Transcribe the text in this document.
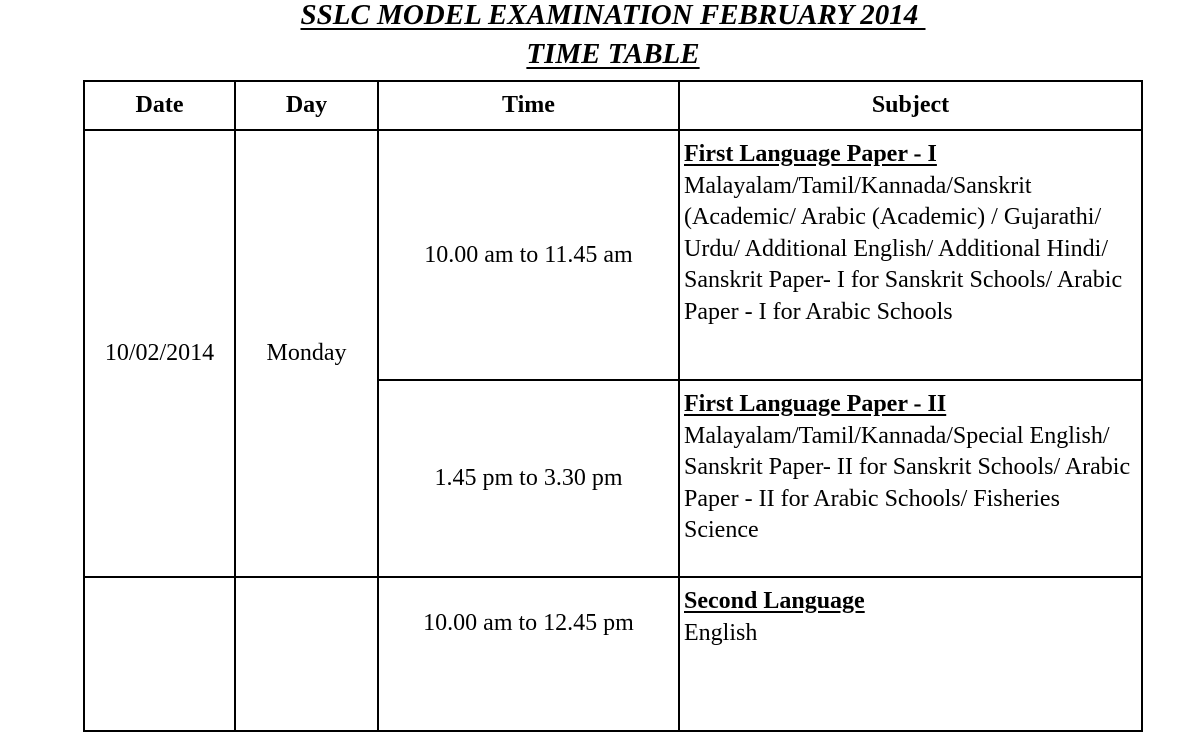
SSLC MODEL EXAMINATION FEBRUARY 2014
TIME TABLE
Date	Day	Time	Subject
10/02/2014	Monday	10.00 am to 11.45 am	First Language Paper - I
Malayalam/Tamil/Kannada/Sanskrit (Academic/ Arabic (Academic) / Gujarathi/ Urdu/ Additional English/ Additional Hindi/ Sanskrit Paper- I for Sanskrit Schools/ Arabic Paper - I for Arabic Schools

		1.45 pm to 3.30 pm	First Language Paper - II
Malayalam/Tamil/Kannada/Special English/ Sanskrit Paper- II for Sanskrit Schools/ Arabic Paper - II for Arabic Schools/ Fisheries Science

		10.00 am to 12.45 pm	Second Language
English
